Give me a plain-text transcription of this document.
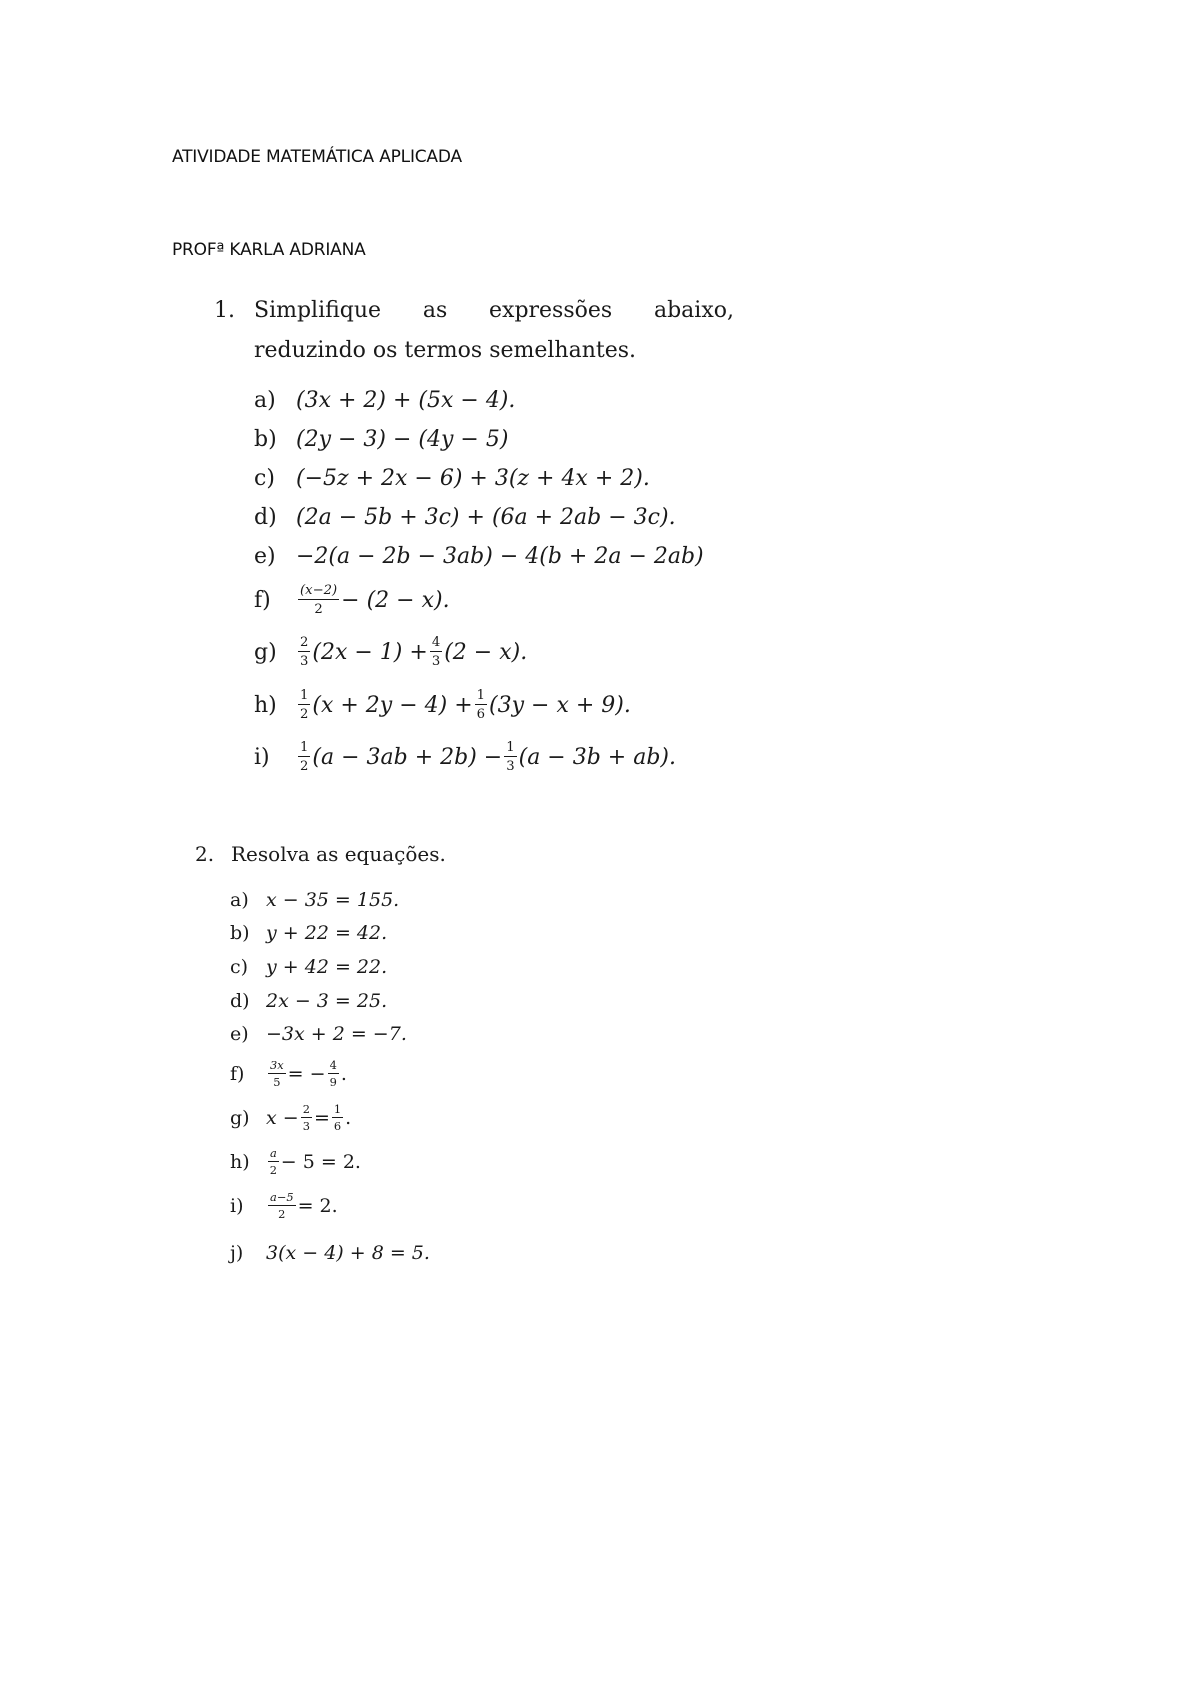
ATIVIDADE MATEMÁTICA APLICADA
PROFª KARLA ADRIANA
1. Simplifique as expressões abaixo,
reduzindo os termos semelhantes.
a) (3x + 2) + (5x − 4).
b) (2y − 3) − (4y − 5)
c) (−5z + 2x − 6) + 3(z + 4x + 2).
d) (2a − 5b + 3c) + (6a + 2ab − 3c).
e) −2(a − 2b − 3ab) − 4(b + 2a − 2ab)
f)	$\frac{(x-2)}{2} - (2 - x)$.
g)	$\frac{2}{3} (2x - 1) + \frac{4}{3} (2 - x)$.
h)	$\frac{1}{2} (x + 2y - 4) + \frac{1}{6} (3y - x + 9)$.
i)	$\frac{1}{2} (a - 3ab + 2b) - \frac{1}{3} (a - 3b + ab)$.
2. Resolva as equações.
a) x − 35 = 155.
b) y + 22 = 42.
c) y + 42 = 22.
d) 2x − 3 = 25.
e) −3x + 2 = −7.
f)	$\frac{3x}{5}$ = − $\frac{4}{9}$ .
g) $x - \frac{2}{3} = \frac{1}{6}$ .
h)	$\frac{a}{2} - 5 = 2$.
i)	$\frac{a-5}{2} = 2$.
j)	3(x − 4) + 8 = 5.
